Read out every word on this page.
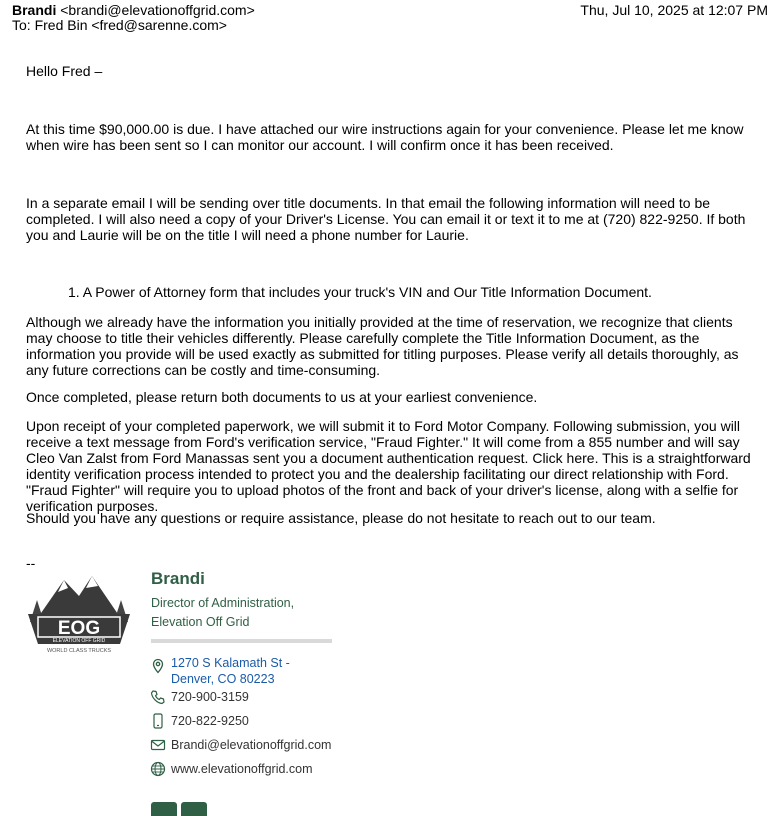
Brandi <brandi@elevationoffgrid.com>
To: Fred Bin <fred@sarenne.com>
Thu, Jul 10, 2025 at 12:07 PM

Hello Fred –

At this time $90,000.00 is due. I have attached our wire instructions again for your convenience. Please let me know when wire has been sent so I can monitor our account. I will confirm once it has been received.

In a separate email I will be sending over title documents. In that email the following information will need to be completed. I will also need a copy of your Driver's License. You can email it or text it to me at (720) 822-9250. If both you and Laurie will be on the title I will need a phone number for Laurie.

1. A Power of Attorney form that includes your truck's VIN and Our Title Information Document.

Although we already have the information you initially provided at the time of reservation, we recognize that clients may choose to title their vehicles differently. Please carefully complete the Title Information Document, as the information you provide will be used exactly as submitted for titling purposes. Please verify all details thoroughly, as any future corrections can be costly and time-consuming.

Once completed, please return both documents to us at your earliest convenience.

Upon receipt of your completed paperwork, we will submit it to Ford Motor Company. Following submission, you will receive a text message from Ford's verification service, "Fraud Fighter." It will come from a 855 number and will say Cleo Van Zalst from Ford Manassas sent you a document authentication request. Click here. This is a straightforward identity verification process intended to protect you and the dealership facilitating our direct relationship with Ford. "Fraud Fighter" will require you to upload photos of the front and back of your driver's license, along with a selfie for verification purposes.

Should you have any questions or require assistance, please do not hesitate to reach out to our team.

--
EOG
ELEVATION OFF GRID
WORLD CLASS TRUCKS
Brandi
Director of Administration,
Elevation Off Grid
1270 S Kalamath St -
Denver, CO 80223
720-900-3159
720-822-9250
Brandi@elevationoffgrid.com
www.elevationoffgrid.com
